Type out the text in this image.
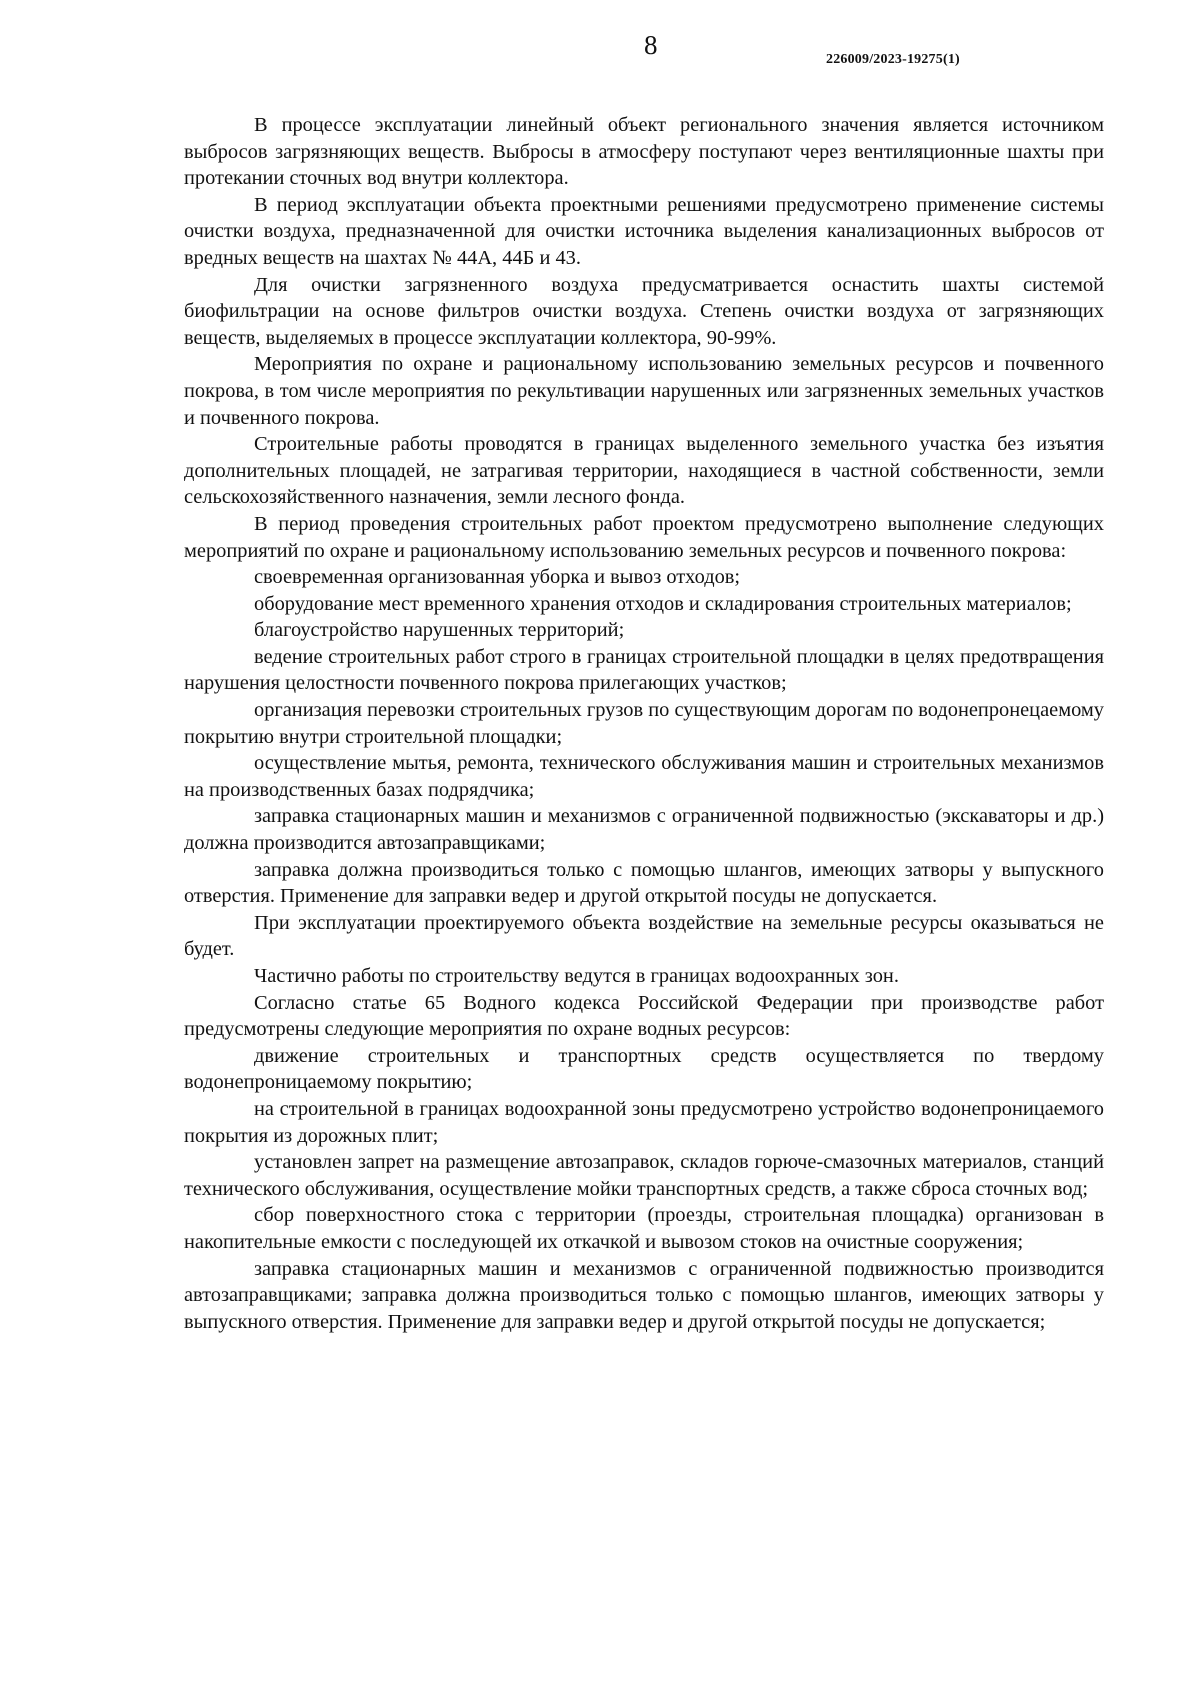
8	226009/2023-19275(1)

В процессе эксплуатации линейный объект регионального значения является источником выбросов загрязняющих веществ. Выбросы в атмосферу поступают через вентиляционные шахты при протекании сточных вод внутри коллектора.

В период эксплуатации объекта проектными решениями предусмотрено применение системы очистки воздуха, предназначенной для очистки источника выделения канализационных выбросов от вредных веществ на шахтах № 44А, 44Б и 43.

Для очистки загрязненного воздуха предусматривается оснастить шахты системой биофильтрации на основе фильтров очистки воздуха. Степень очистки воздуха от загрязняющих веществ, выделяемых в процессе эксплуатации коллектора, 90-99%.

Мероприятия по охране и рациональному использованию земельных ресурсов и почвенного покрова, в том числе мероприятия по рекультивации нарушенных или загрязненных земельных участков и почвенного покрова.

Строительные работы проводятся в границах выделенного земельного участка без изъятия дополнительных площадей, не затрагивая территории, находящиеся в частной собственности, земли сельскохозяйственного назначения, земли лесного фонда.

В период проведения строительных работ проектом предусмотрено выполнение следующих мероприятий по охране и рациональному использованию земельных ресурсов и почвенного покрова:

своевременная организованная уборка и вывоз отходов;

оборудование мест временного хранения отходов и складирования строительных материалов;

благоустройство нарушенных территорий;

ведение строительных работ строго в границах строительной площадки в целях предотвращения нарушения целостности почвенного покрова прилегающих участков;

организация перевозки строительных грузов по существующим дорогам по водонепронецаемому покрытию внутри строительной площадки;

осуществление мытья, ремонта, технического обслуживания машин и строительных механизмов на производственных базах подрядчика;

заправка стационарных машин и механизмов с ограниченной подвижностью (экскаваторы и др.) должна производится автозаправщиками;

заправка должна производиться только с помощью шлангов, имеющих затворы у выпускного отверстия. Применение для заправки ведер и другой открытой посуды не допускается.

При эксплуатации проектируемого объекта воздействие на земельные ресурсы оказываться не будет.

Частично работы по строительству ведутся в границах водоохранных зон.

Согласно статье 65 Водного кодекса Российской Федерации при производстве работ предусмотрены следующие мероприятия по охране водных ресурсов:

движение строительных и транспортных средств осуществляется по твердому водонепроницаемому покрытию;

на строительной в границах водоохранной зоны предусмотрено устройство водонепроницаемого покрытия из дорожных плит;

установлен запрет на размещение автозаправок, складов горюче-смазочных материалов, станций технического обслуживания, осуществление мойки транспортных средств, а также сброса сточных вод;

сбор поверхностного стока с территории (проезды, строительная площадка) организован в накопительные емкости с последующей их откачкой и вывозом стоков на очистные сооружения;

заправка стационарных машин и механизмов с ограниченной подвижностью производится автозаправщиками; заправка должна производиться только с помощью шлангов, имеющих затворы у выпускного отверстия. Применение для заправки ведер и другой открытой посуды не допускается;
